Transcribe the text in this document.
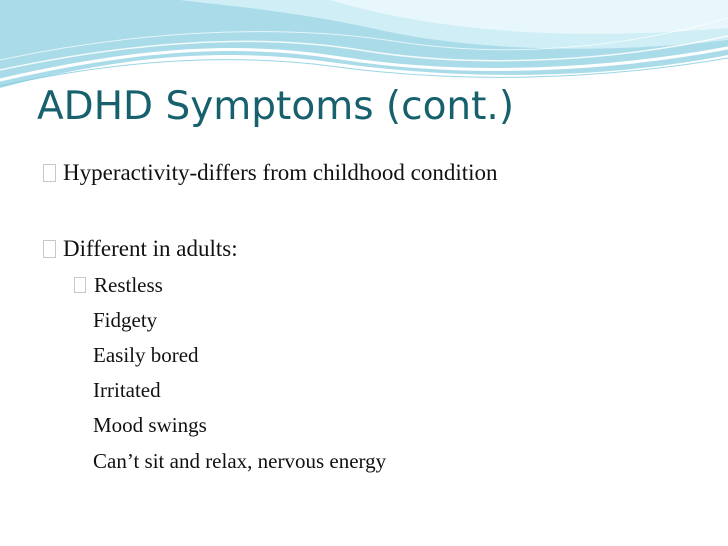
ADHD Symptoms (cont.)
Hyperactivity-differs from childhood condition
Different in adults:
Restless
Fidgety
Easily bored
Irritated
Mood swings
Can’t sit and relax, nervous energy
